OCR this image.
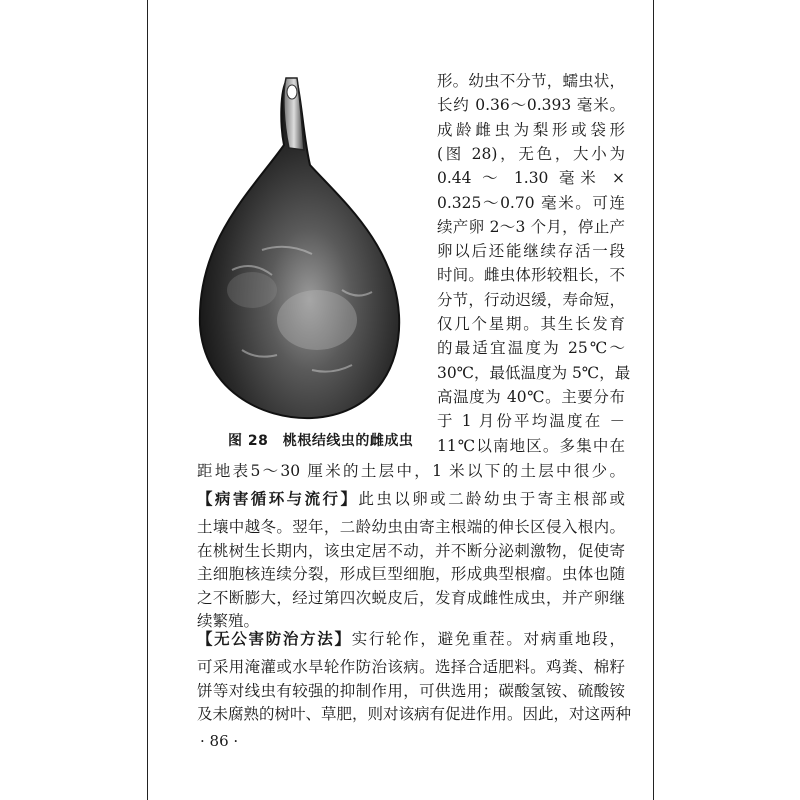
图 28　桃根结线虫的雌成虫
形。幼虫不分节，蠕虫状，
长约 0.36～0.393 毫米。
成龄雌虫为梨形或袋形
(图 28)，无色，大小为
0.44 ～ 1.30 毫米 ×
0.325～0.70 毫米。可连
续产卵 2～3 个月，停止产
卵以后还能继续存活一段
时间。雌虫体形较粗长，不
分节，行动迟缓，寿命短，
仅几个星期。其生长发育
的最适宜温度为 25℃～
30℃，最低温度为 5℃，最
高温度为 40℃。主要分布
于 1 月份平均温度在 －
11℃以南地区。多集中在
距地表5～30 厘米的土层中，1 米以下的土层中很少。
【病害循环与流行】此虫以卵或二龄幼虫于寄主根部或
土壤中越冬。翌年，二龄幼虫由寄主根端的伸长区侵入根内。
在桃树生长期内，该虫定居不动，并不断分泌刺激物，促使寄
主细胞核连续分裂，形成巨型细胞，形成典型根瘤。虫体也随
之不断膨大，经过第四次蜕皮后，发育成雌性成虫，并产卵继
续繁殖。
【无公害防治方法】实行轮作，避免重茬。对病重地段，
可采用淹灌或水旱轮作防治该病。选择合适肥料。鸡粪、棉籽
饼等对线虫有较强的抑制作用，可供选用；碳酸氢铵、硫酸铵
及未腐熟的树叶、草肥，则对该病有促进作用。因此，对这两种
· 86 ·
